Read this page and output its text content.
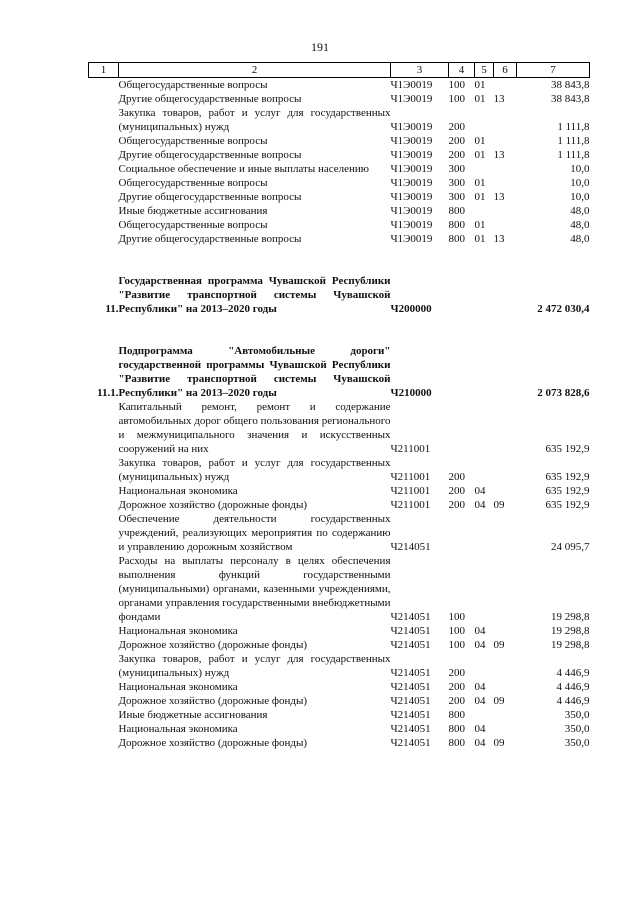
191
1	2	3	4	5	6	7
	Общегосударственные вопросы	Ч1Э0019	100	01		38 843,8
	Другие общегосударственные вопросы	Ч1Э0019	100	01	13	38 843,8
	Закупка товаров, работ и услуг для государственных (муниципальных) нужд	Ч1Э0019	200			1 111,8
	Общегосударственные вопросы	Ч1Э0019	200	01		1 111,8
	Другие общегосударственные вопросы	Ч1Э0019	200	01	13	1 111,8
	Социальное обеспечение и иные выплаты населению	Ч1Э0019	300			10,0
	Общегосударственные вопросы	Ч1Э0019	300	01		10,0
	Другие общегосударственные вопросы	Ч1Э0019	300	01	13	10,0
	Иные бюджетные ассигнования	Ч1Э0019	800			48,0
	Общегосударственные вопросы	Ч1Э0019	800	01		48,0
	Другие общегосударственные вопросы	Ч1Э0019	800	01	13	48,0

11.	Государственная программа Чувашской Республики "Развитие транспортной системы Чувашской Республики" на 2013–2020 годы	Ч200000				2 472 030,4

11.1.	Подпрограмма "Автомобильные дороги" государственной программы Чувашской Республики "Развитие транспортной системы Чувашской Республики" на 2013–2020 годы	Ч210000				2 073 828,6
	Капитальный ремонт, ремонт и содержание автомобильных дорог общего пользования регионального и межмуниципального значения и искусственных сооружений на них	Ч211001				635 192,9
	Закупка товаров, работ и услуг для государственных (муниципальных) нужд	Ч211001	200			635 192,9
	Национальная экономика	Ч211001	200	04		635 192,9
	Дорожное хозяйство (дорожные фонды)	Ч211001	200	04	09	635 192,9
	Обеспечение деятельности государственных учреждений, реализующих мероприятия по содержанию и управлению дорожным хозяйством	Ч214051				24 095,7
	Расходы на выплаты персоналу в целях обеспечения выполнения функций государственными (муниципальными) органами, казенными учреждениями, органами управления государственными внебюджетными фондами	Ч214051	100			19 298,8
	Национальная экономика	Ч214051	100	04		19 298,8
	Дорожное хозяйство (дорожные фонды)	Ч214051	100	04	09	19 298,8
	Закупка товаров, работ и услуг для государственных (муниципальных) нужд	Ч214051	200			4 446,9
	Национальная экономика	Ч214051	200	04		4 446,9
	Дорожное хозяйство (дорожные фонды)	Ч214051	200	04	09	4 446,9
	Иные бюджетные ассигнования	Ч214051	800			350,0
	Национальная экономика	Ч214051	800	04		350,0
	Дорожное хозяйство (дорожные фонды)	Ч214051	800	04	09	350,0
